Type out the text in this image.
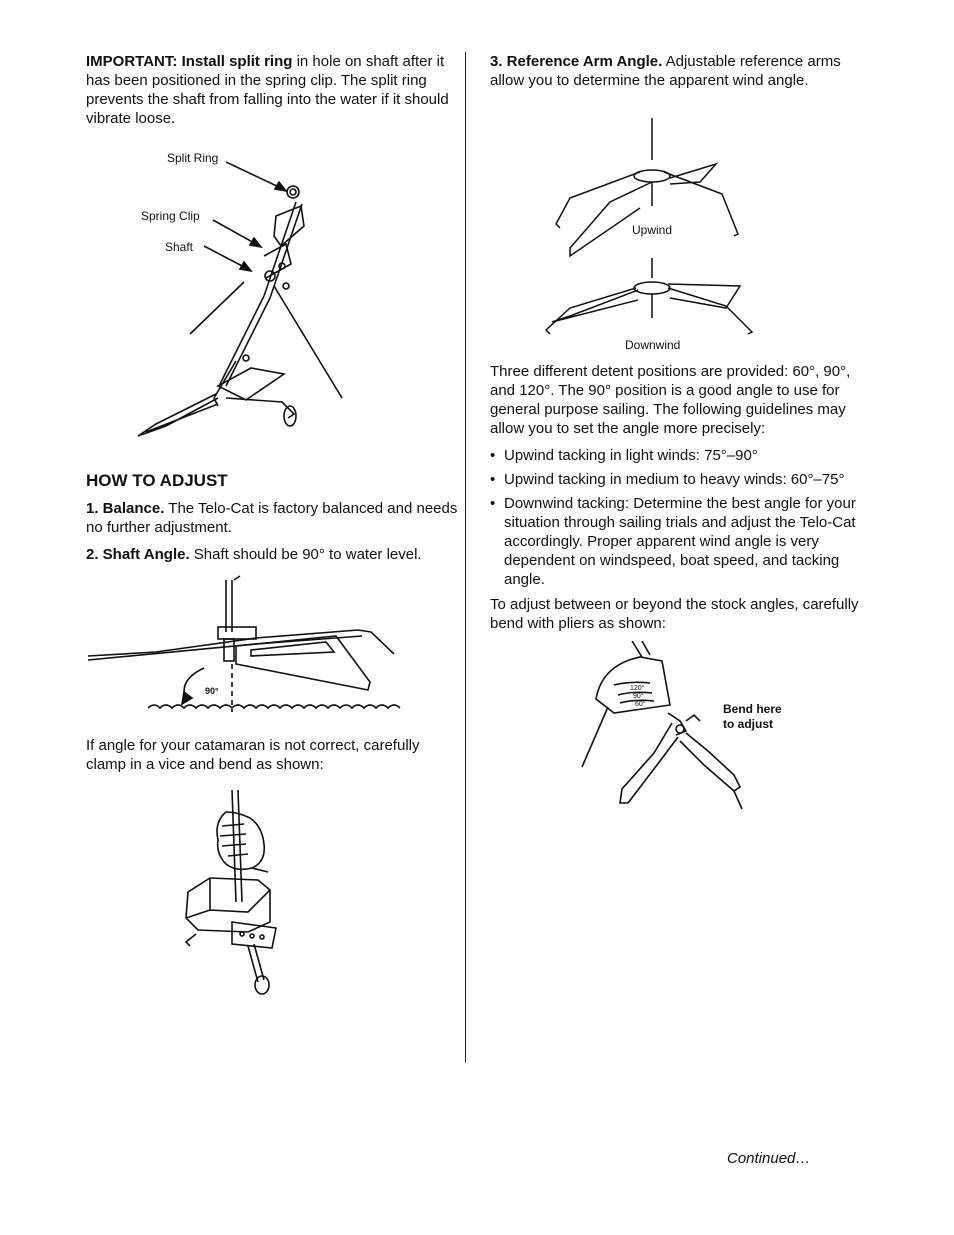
IMPORTANT: Install split ring in hole on shaft after it has been positioned in the spring clip. The split ring prevents the shaft from falling into the water if it should vibrate loose.

Split Ring
Spring Clip
Shaft
HOW TO ADJUST

1. Balance. The Telo-Cat is factory balanced and needs no further adjustment.

2. Shaft Angle. Shaft should be 90° to water level.

90°

If angle for your catamaran is not correct, carefully clamp in a vice and bend as shown:

3. Reference Arm Angle. Adjustable reference arms allow you to determine the apparent wind angle.

Upwind
Downwind

Three different detent positions are provided: 60°, 90°, and 120°. The 90° position is a good angle to use for general purpose sailing. The following guidelines may allow you to set the angle more precisely:

• Upwind tacking in light winds: 75°–90°
• Upwind tacking in medium to heavy winds: 60°–75°
• Downwind tacking: Determine the best angle for your situation through sailing trials and adjust the Telo-Cat accordingly. Proper apparent wind angle is very dependent on windspeed, boat speed, and tacking angle.

To adjust between or beyond the stock angles, carefully bend with pliers as shown:

Bend here
to adjust
120°
90°
60°
Continued…
